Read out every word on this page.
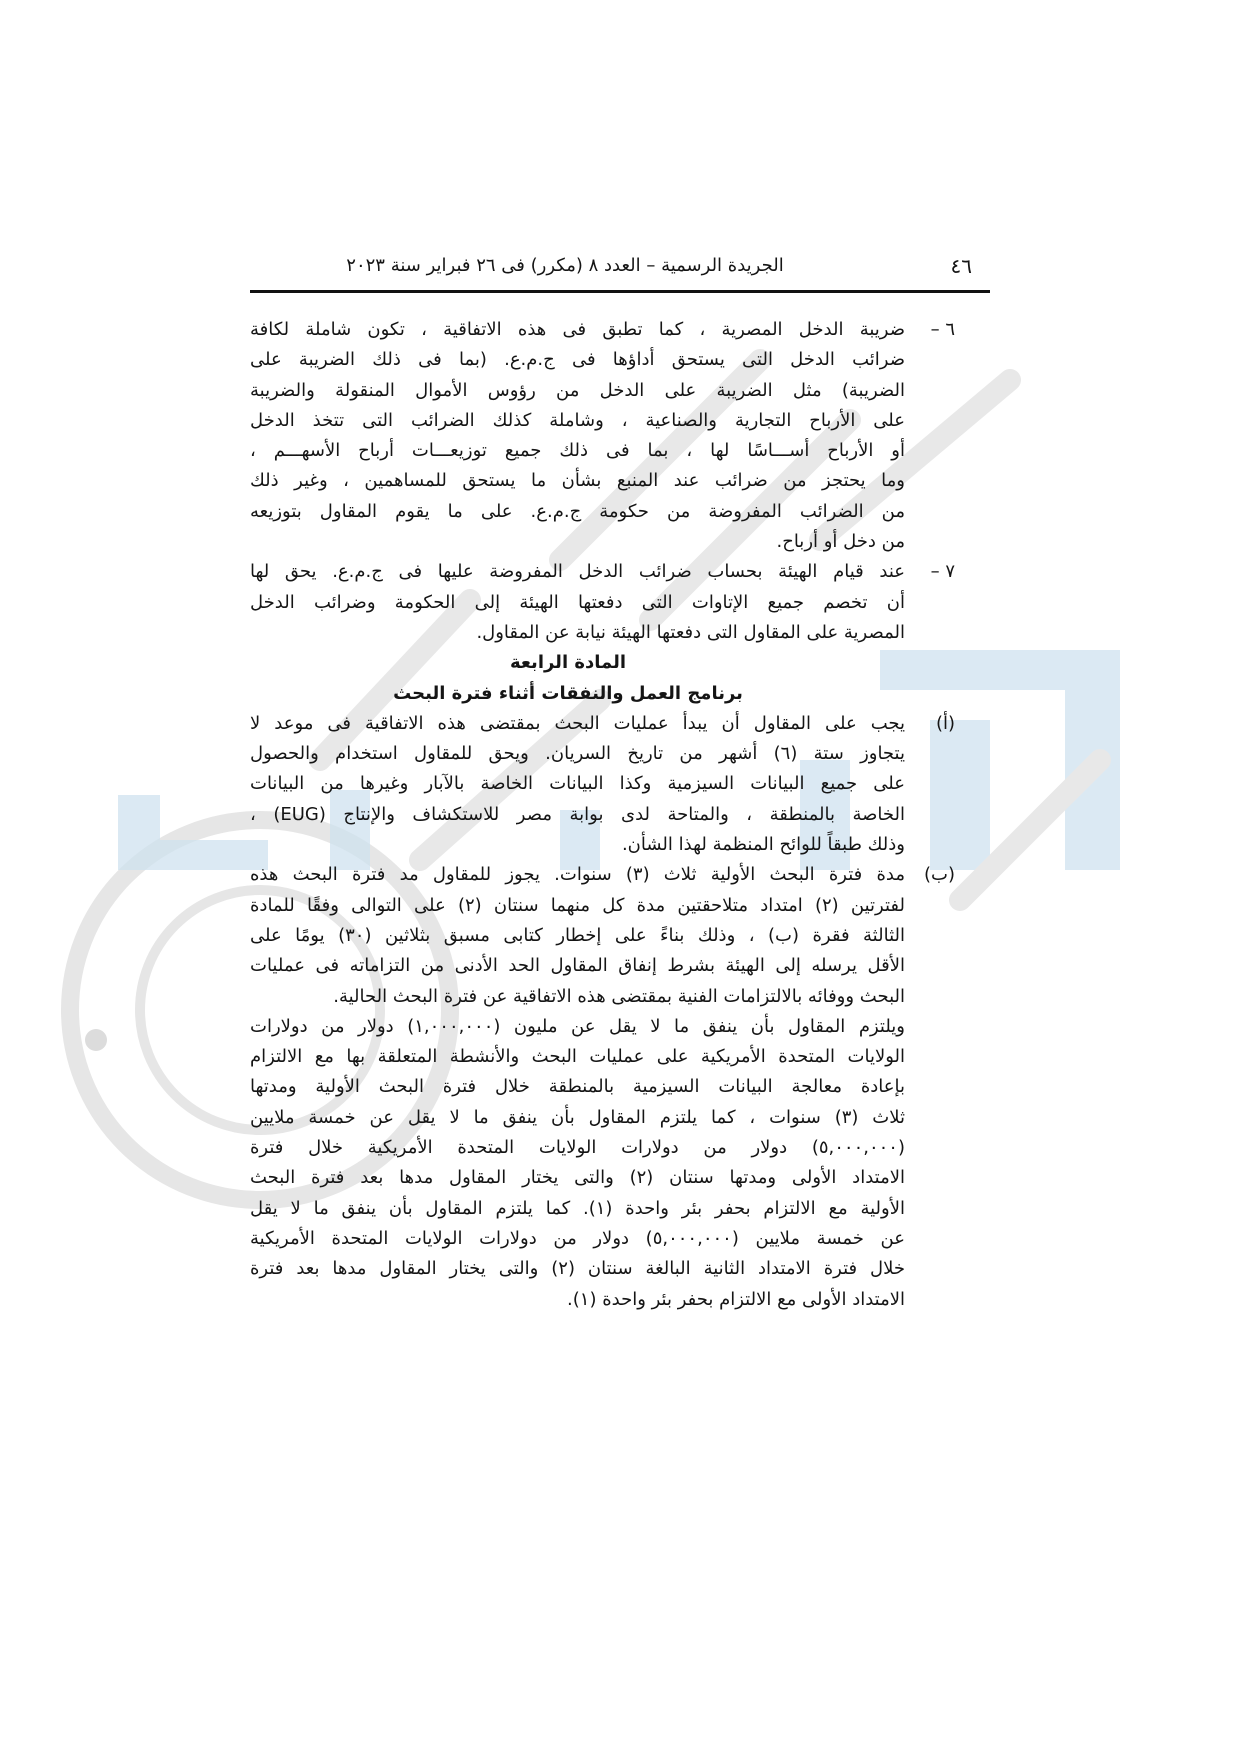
٤٦
الجريدة الرسمية – العدد ٨ (مكرر) فى ٢٦ فبراير سنة ٢٠٢٣
٦ –
ضريبة الدخل المصرية ، كما تطبق فى هذه الاتفاقية ، تكون شاملة لكافة
ضرائب الدخل التى يستحق أداؤها فى ج.م.ع. (بما فى ذلك الضريبة على
الضريبة) مثل الضريبة على الدخل من رؤوس الأموال المنقولة والضريبة
على الأرباح التجارية والصناعية ، وشاملة كذلك الضرائب التى تتخذ الدخل
أو الأرباح أســـاسًا لها ، بما فى ذلك جميع توزيعـــات أرباح الأسهـــم ،
وما يحتجز من ضرائب عند المنبع بشأن ما يستحق للمساهمين ، وغير ذلك
من الضرائب المفروضة من حكومة ج.م.ع. على ما يقوم المقاول بتوزيعه
من دخل أو أرباح.
٧ –
عند قيام الهيئة بحساب ضرائب الدخل المفروضة عليها فى ج.م.ع. يحق لها
أن تخصم جميع الإتاوات التى دفعتها الهيئة إلى الحكومة وضرائب الدخل
المصرية على المقاول التى دفعتها الهيئة نيابة عن المقاول.
المادة الرابعة
برنامج العمل والنفقات أثناء فترة البحث
(أ)
يجب على المقاول أن يبدأ عمليات البحث بمقتضى هذه الاتفاقية فى موعد لا
يتجاوز ستة (٦) أشهر من تاريخ السريان. ويحق للمقاول استخدام والحصول
على جميع البيانات السيزمية وكذا البيانات الخاصة بالآبار وغيرها من البيانات
الخاصة بالمنطقة ، والمتاحة لدى بوابة مصر للاستكشاف والإنتاج (EUG) ،
وذلك طبقاً للوائح المنظمة لهذا الشأن.
(ب)
مدة فترة البحث الأولية ثلاث (٣) سنوات. يجوز للمقاول مد فترة البحث هذه
لفترتين (٢) امتداد متلاحقتين مدة كل منهما سنتان (٢) على التوالى وفقًا للمادة
الثالثة فقرة (ب) ، وذلك بناءً على إخطار كتابى مسبق بثلاثين (٣٠) يومًا على
الأقل يرسله إلى الهيئة بشرط إنفاق المقاول الحد الأدنى من التزاماته فى عمليات
البحث ووفائه بالالتزامات الفنية بمقتضى هذه الاتفاقية عن فترة البحث الحالية.
ويلتزم المقاول بأن ينفق ما لا يقل عن مليون (١,٠٠٠,٠٠٠) دولار من دولارات
الولايات المتحدة الأمريكية على عمليات البحث والأنشطة المتعلقة بها مع الالتزام
بإعادة معالجة البيانات السيزمية بالمنطقة خلال فترة البحث الأولية ومدتها
ثلاث (٣) سنوات ، كما يلتزم المقاول بأن ينفق ما لا يقل عن خمسة ملايين
(٥,٠٠٠,٠٠٠) دولار من دولارات الولايات المتحدة الأمريكية خلال فترة
الامتداد الأولى ومدتها سنتان (٢) والتى يختار المقاول مدها بعد فترة البحث
الأولية مع الالتزام بحفر بئر واحدة (١). كما يلتزم المقاول بأن ينفق ما لا يقل
عن خمسة ملايين (٥,٠٠٠,٠٠٠) دولار من دولارات الولايات المتحدة الأمريكية
خلال فترة الامتداد الثانية البالغة سنتان (٢) والتى يختار المقاول مدها بعد فترة
الامتداد الأولى مع الالتزام بحفر بئر واحدة (١).
